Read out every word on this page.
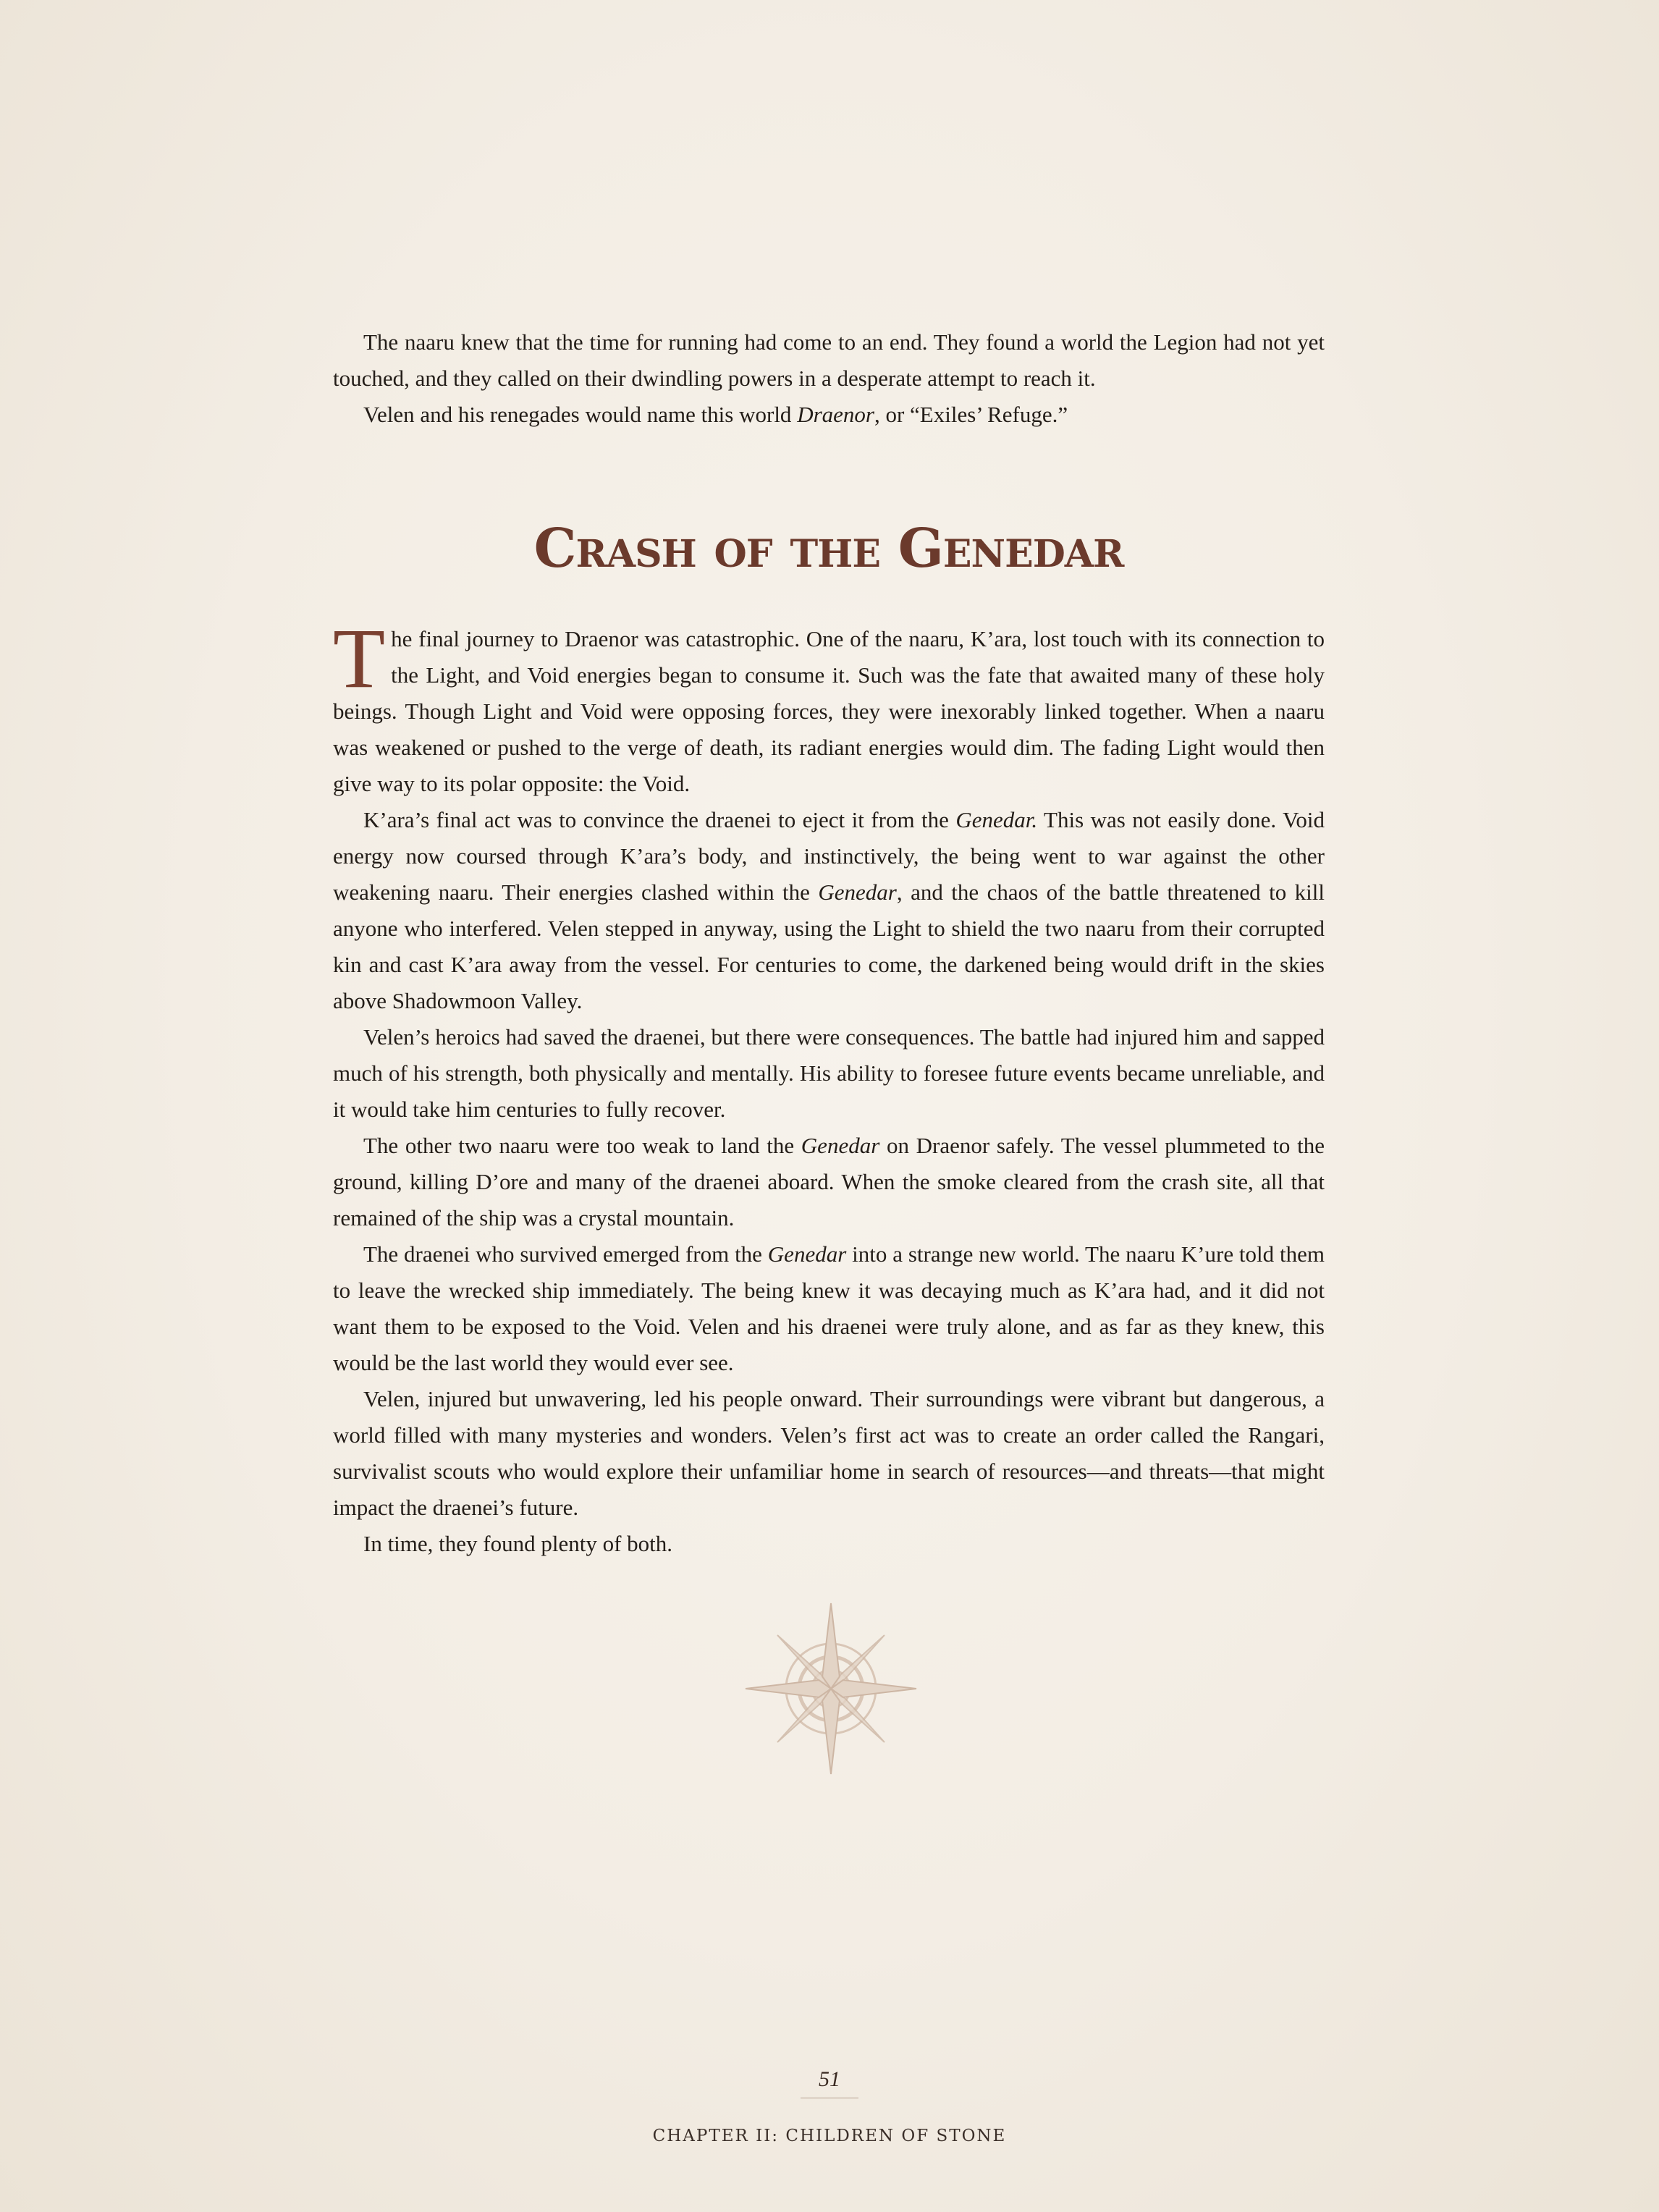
The naaru knew that the time for running had come to an end. They found a world the Legion had not yet touched, and they called on their dwindling powers in a desperate attempt to reach it.

Velen and his renegades would name this world Draenor, or “Exiles’ Refuge.”

Crash of the Genedar

The final journey to Draenor was catastrophic. One of the naaru, K’ara, lost touch with its connection to the Light, and Void energies began to consume it. Such was the fate that awaited many of these holy beings. Though Light and Void were opposing forces, they were inexorably linked together. When a naaru was weakened or pushed to the verge of death, its radiant energies would dim. The fading Light would then give way to its polar opposite: the Void.

K’ara’s final act was to convince the draenei to eject it from the Genedar. This was not easily done. Void energy now coursed through K’ara’s body, and instinctively, the being went to war against the other weakening naaru. Their energies clashed within the Genedar, and the chaos of the battle threatened to kill anyone who interfered. Velen stepped in anyway, using the Light to shield the two naaru from their corrupted kin and cast K’ara away from the vessel. For centuries to come, the darkened being would drift in the skies above Shadowmoon Valley.

Velen’s heroics had saved the draenei, but there were consequences. The battle had injured him and sapped much of his strength, both physically and mentally. His ability to foresee future events became unreliable, and it would take him centuries to fully recover.

The other two naaru were too weak to land the Genedar on Draenor safely. The vessel plummeted to the ground, killing D’ore and many of the draenei aboard. When the smoke cleared from the crash site, all that remained of the ship was a crystal mountain.

The draenei who survived emerged from the Genedar into a strange new world. The naaru K’ure told them to leave the wrecked ship immediately. The being knew it was decaying much as K’ara had, and it did not want them to be exposed to the Void. Velen and his draenei were truly alone, and as far as they knew, this would be the last world they would ever see.

Velen, injured but unwavering, led his people onward. Their surroundings were vibrant but dangerous, a world filled with many mysteries and wonders. Velen’s first act was to create an order called the Rangari, survivalist scouts who would explore their unfamiliar home in search of resources—and threats—that might impact the draenei’s future.

In time, they found plenty of both.

51
CHAPTER II: CHILDREN OF STONE
